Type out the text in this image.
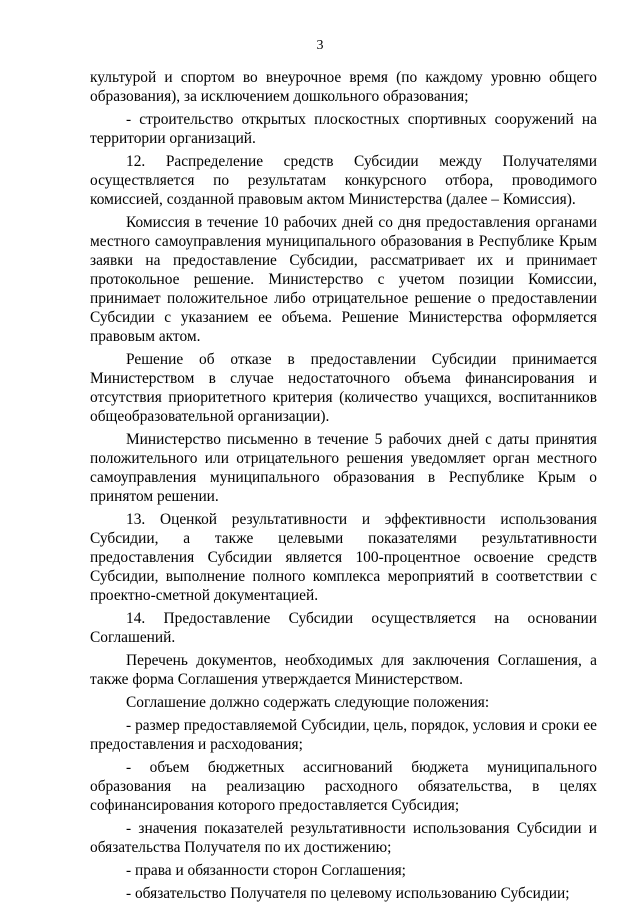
3

культурой и спортом во внеурочное время (по каждому уровню общего образования), за исключением дошкольного образования;

- строительство открытых плоскостных спортивных сооружений на территории организаций.

12. Распределение средств Субсидии между Получателями осуществляется по результатам конкурсного отбора, проводимого комиссией, созданной правовым актом Министерства (далее – Комиссия).

Комиссия в течение 10 рабочих дней со дня предоставления органами местного самоуправления муниципального образования в Республике Крым заявки на предоставление Субсидии, рассматривает их и принимает протокольное решение. Министерство с учетом позиции Комиссии, принимает положительное либо отрицательное решение о предоставлении Субсидии с указанием ее объема. Решение Министерства оформляется правовым актом.

Решение об отказе в предоставлении Субсидии принимается Министерством в случае недостаточного объема финансирования и отсутствия приоритетного критерия (количество учащихся, воспитанников общеобразовательной организации).

Министерство письменно в течение 5 рабочих дней с даты принятия положительного или отрицательного решения уведомляет орган местного самоуправления муниципального образования в Республике Крым о принятом решении.

13. Оценкой результативности и эффективности использования Субсидии, а также целевыми показателями результативности предоставления Субсидии является 100-процентное освоение средств Субсидии, выполнение полного комплекса мероприятий в соответствии с проектно-сметной документацией.

14. Предоставление Субсидии осуществляется на основании Соглашений.

Перечень документов, необходимых для заключения Соглашения, а также форма Соглашения утверждается Министерством.

Соглашение должно содержать следующие положения:

- размер предоставляемой Субсидии, цель, порядок, условия и сроки ее предоставления и расходования;

- объем бюджетных ассигнований бюджета муниципального образования на реализацию расходного обязательства, в целях софинансирования которого предоставляется Субсидия;

- значения показателей результативности использования Субсидии и обязательства Получателя по их достижению;

- права и обязанности сторон Соглашения;

- обязательство Получателя по целевому использованию Субсидии;
